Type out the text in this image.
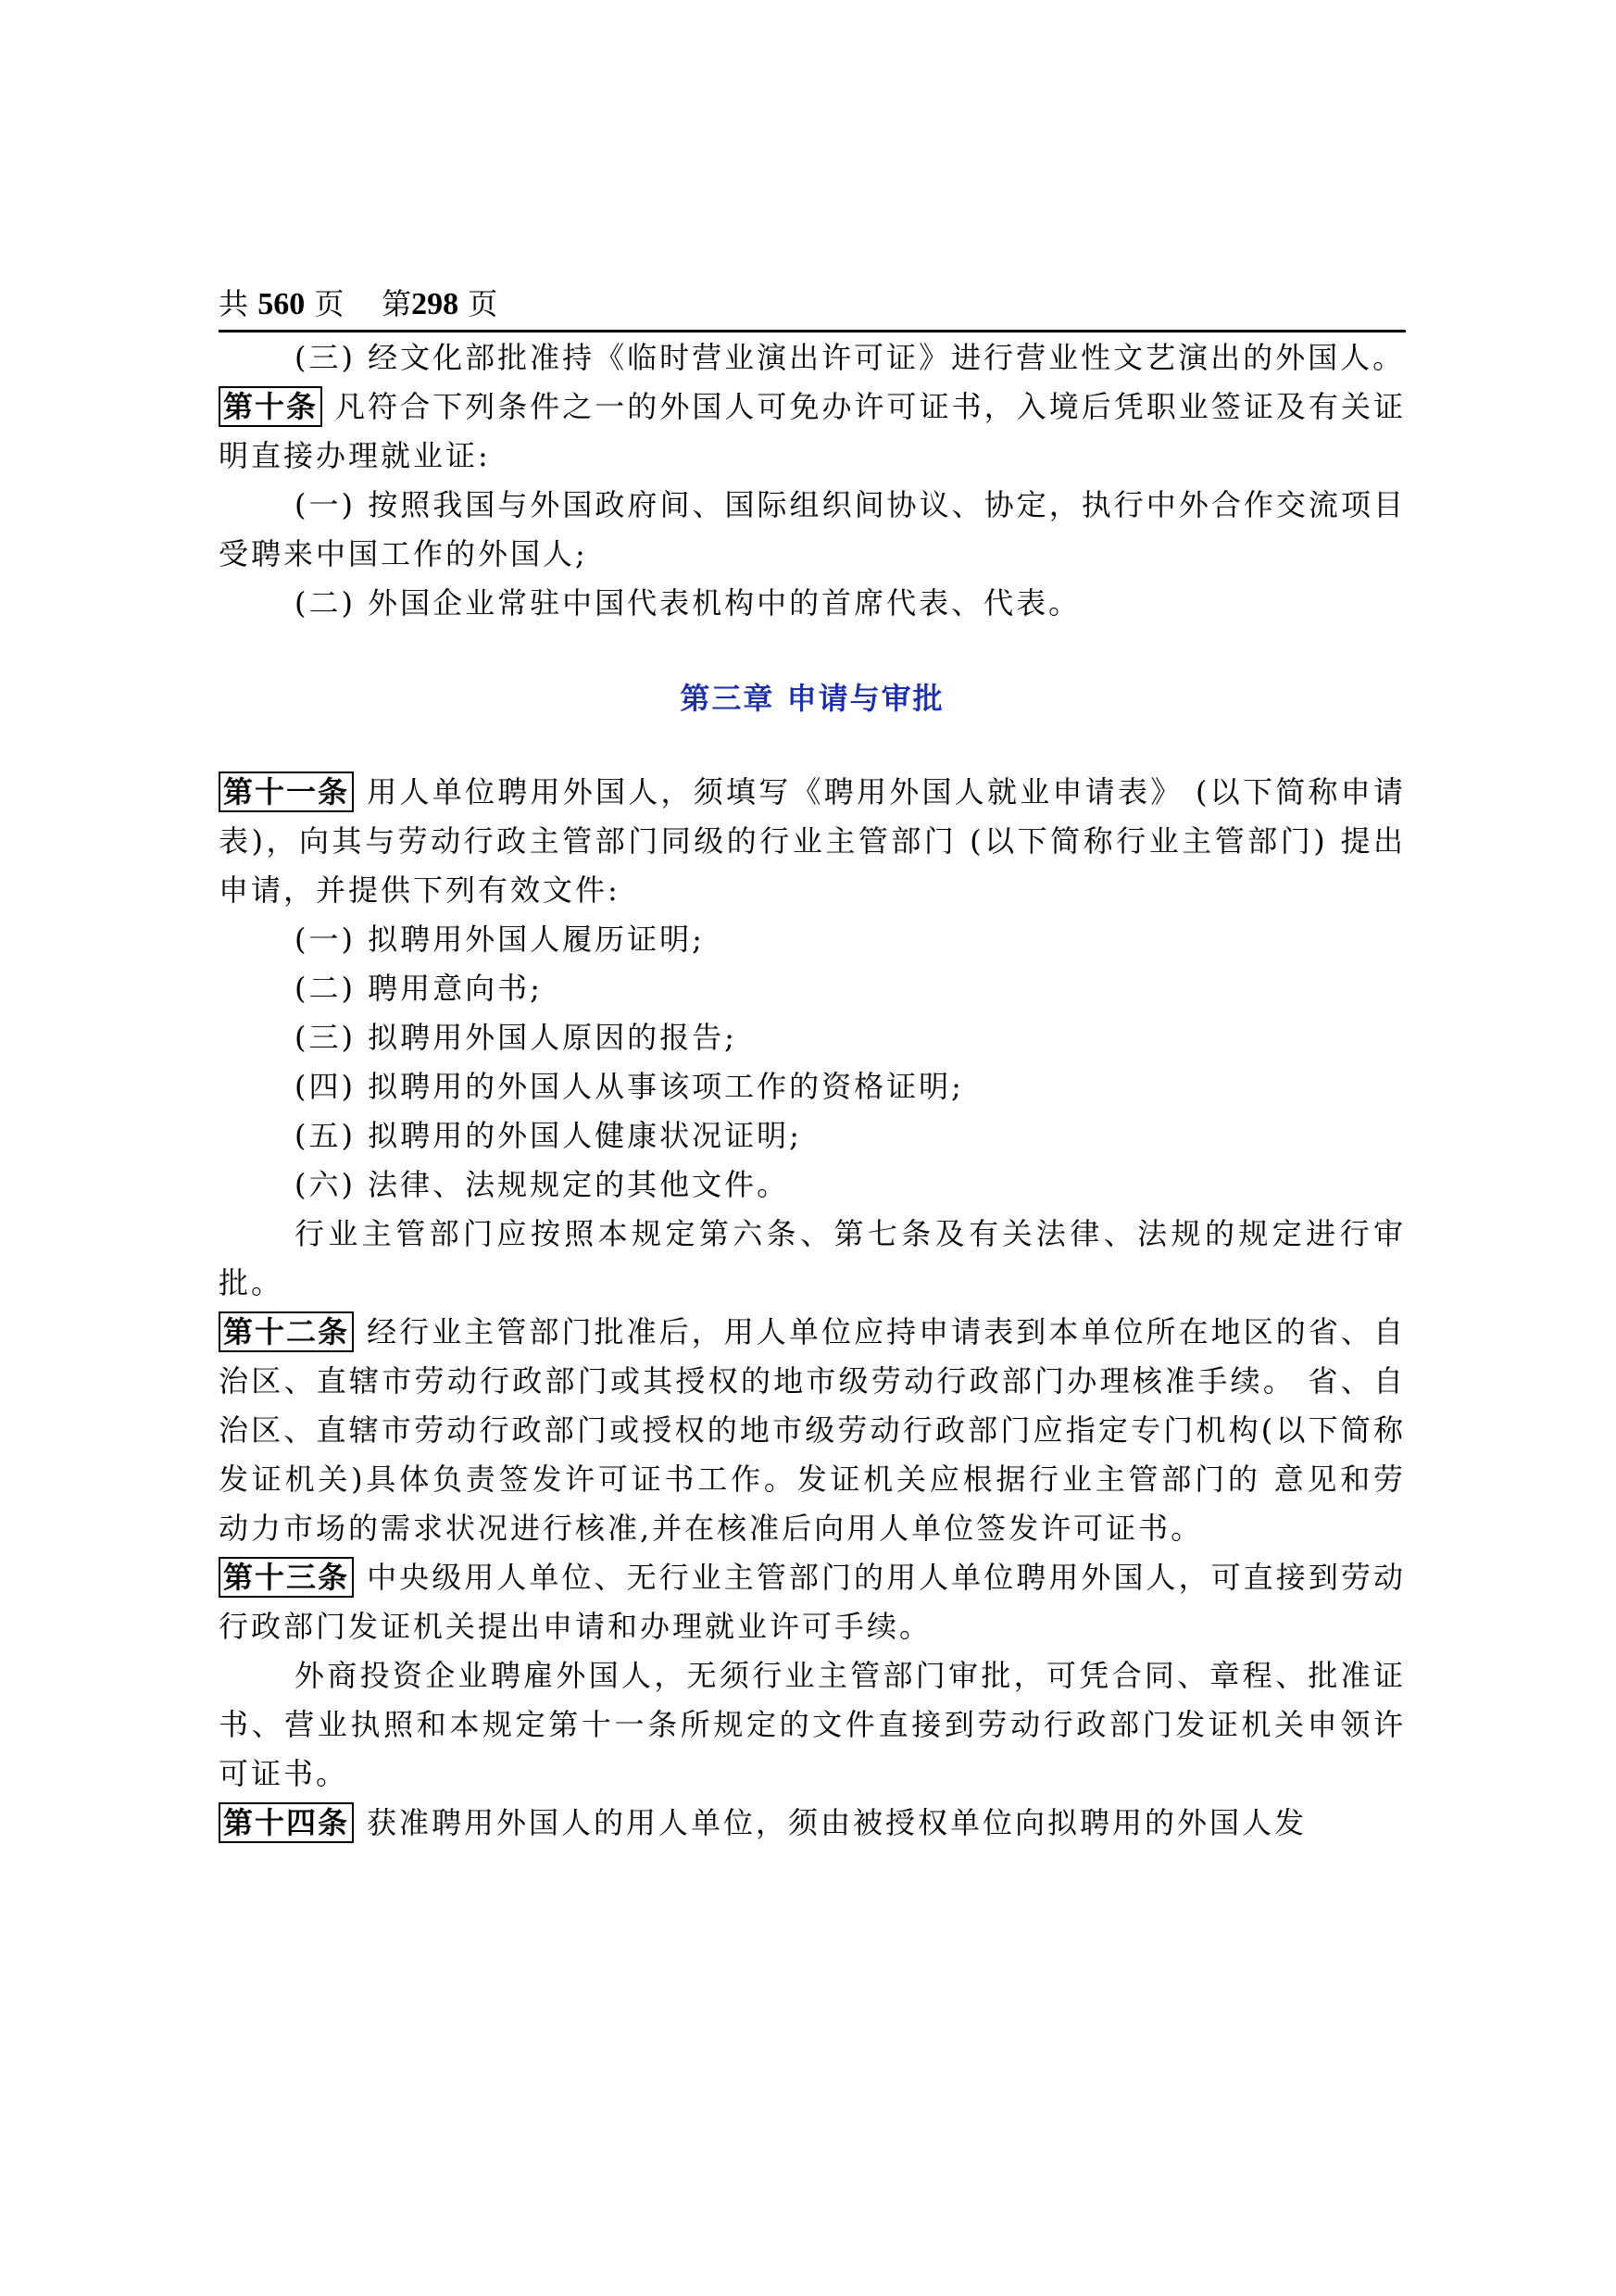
共 560 页 第298 页

(三) 经文化部批准持《临时营业演出许可证》进行营业性文艺演出的外国人。

第十条 凡符合下列条件之一的外国人可免办许可证书，入境后凭职业签证及有关证明直接办理就业证:

(一) 按照我国与外国政府间、国际组织间协议、协定，执行中外合作交流项目受聘来中国工作的外国人;

(二) 外国企业常驻中国代表机构中的首席代表、代表。

第三章 申请与审批

第十一条 用人单位聘用外国人，须填写《聘用外国人就业申请表》 (以下简称申请表)，向其与劳动行政主管部门同级的行业主管部门 (以下简称行业主管部门) 提出申请，并提供下列有效文件:

(一) 拟聘用外国人履历证明;

(二) 聘用意向书;

(三) 拟聘用外国人原因的报告;

(四) 拟聘用的外国人从事该项工作的资格证明;

(五) 拟聘用的外国人健康状况证明;

(六) 法律、法规规定的其他文件。

行业主管部门应按照本规定第六条、第七条及有关法律、法规的规定进行审批。

第十二条 经行业主管部门批准后，用人单位应持申请表到本单位所在地区的省、自治区、直辖市劳动行政部门或其授权的地市级劳动行政部门办理核准手续。 省、自治区、直辖市劳动行政部门或授权的地市级劳动行政部门应指定专门机构(以下简称发证机关)具体负责签发许可证书工作。发证机关应根据行业主管部门的 意见和劳动力市场的需求状况进行核准,并在核准后向用人单位签发许可证书。

第十三条 中央级用人单位、无行业主管部门的用人单位聘用外国人，可直接到劳动行政部门发证机关提出申请和办理就业许可手续。

外商投资企业聘雇外国人，无须行业主管部门审批，可凭合同、章程、批准证书、营业执照和本规定第十一条所规定的文件直接到劳动行政部门发证机关申领许可证书。

第十四条 获准聘用外国人的用人单位，须由被授权单位向拟聘用的外国人发
